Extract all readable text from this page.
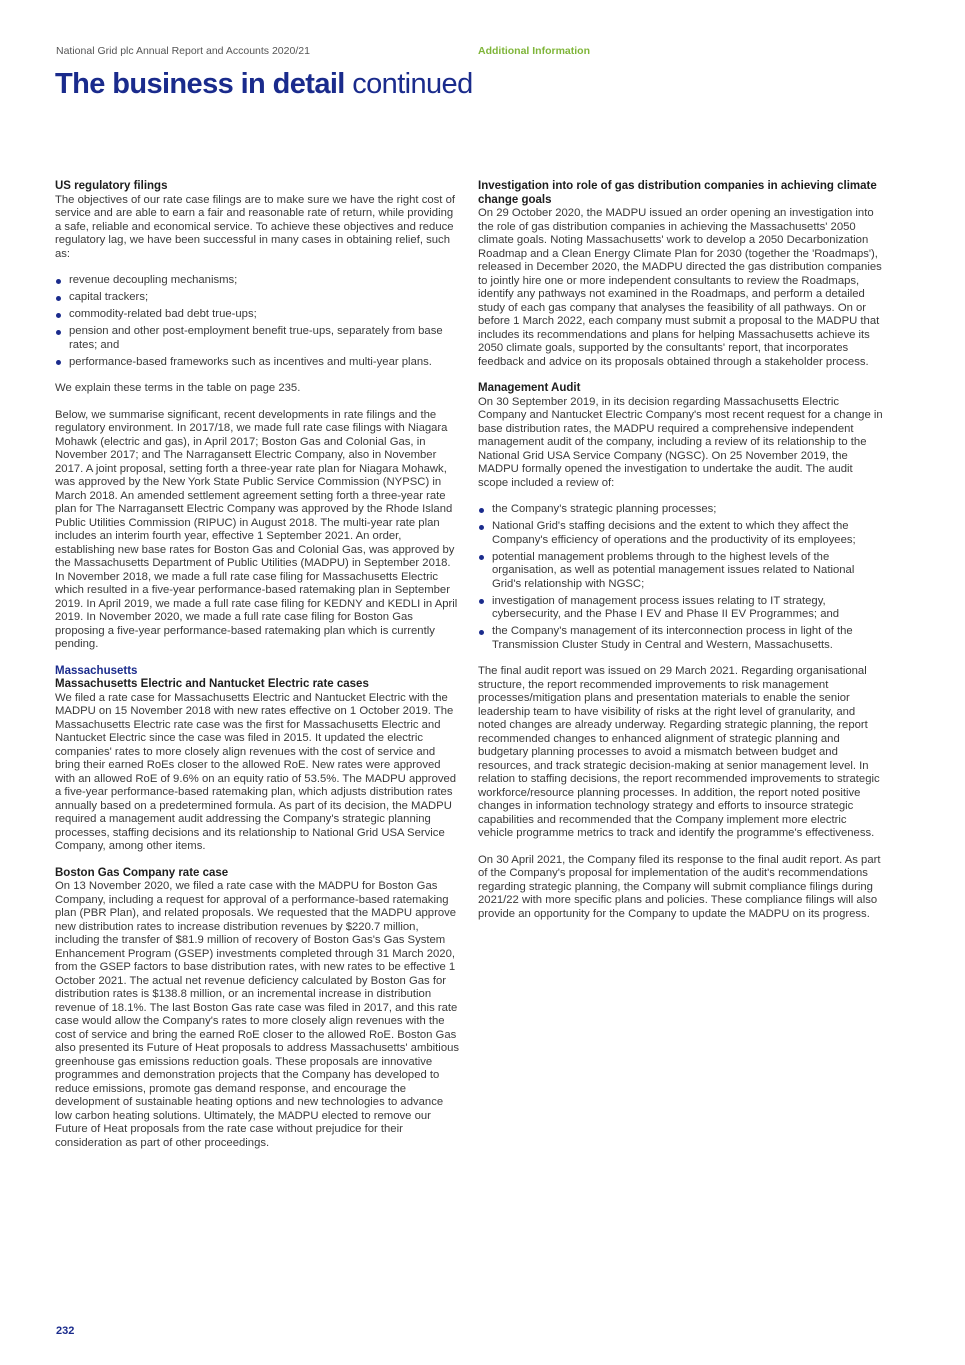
National Grid plc Annual Report and Accounts 2020/21	Additional Information
The business in detail continued
US regulatory filings

The objectives of our rate case filings are to make sure we have the right cost of service and are able to earn a fair and reasonable rate of return, while providing a safe, reliable and economical service. To achieve these objectives and reduce regulatory lag, we have been successful in many cases in obtaining relief, such as:

revenue decoupling mechanisms;
capital trackers;
commodity-related bad debt true-ups;
pension and other post-employment benefit true-ups, separately from base rates; and
performance-based frameworks such as incentives and multi-year plans.

We explain these terms in the table on page 235.

Below, we summarise significant, recent developments in rate filings and the regulatory environment. In 2017/18, we made full rate case filings with Niagara Mohawk (electric and gas), in April 2017; Boston Gas and Colonial Gas, in November 2017; and The Narragansett Electric Company, also in November 2017. A joint proposal, setting forth a three-year rate plan for Niagara Mohawk, was approved by the New York State Public Service Commission (NYPSC) in March 2018. An amended settlement agreement setting forth a three-year rate plan for The Narragansett Electric Company was approved by the Rhode Island Public Utilities Commission (RIPUC) in August 2018. The multi-year rate plan includes an interim fourth year, effective 1 September 2021. An order, establishing new base rates for Boston Gas and Colonial Gas, was approved by the Massachusetts Department of Public Utilities (MADPU) in September 2018. In November 2018, we made a full rate case filing for Massachusetts Electric which resulted in a five-year performance-based ratemaking plan in September 2019. In April 2019, we made a full rate case filing for KEDNY and KEDLI in April 2019. In November 2020, we made a full rate case filing for Boston Gas proposing a five-year performance-based ratemaking plan which is currently pending.

Massachusetts
Massachusetts Electric and Nantucket Electric rate cases

We filed a rate case for Massachusetts Electric and Nantucket Electric with the MADPU on 15 November 2018 with new rates effective on 1 October 2019. The Massachusetts Electric rate case was the first for Massachusetts Electric and Nantucket Electric since the case was filed in 2015. It updated the electric companies' rates to more closely align revenues with the cost of service and bring their earned RoEs closer to the allowed RoE. New rates were approved with an allowed RoE of 9.6% on an equity ratio of 53.5%. The MADPU approved a five-year performance-based ratemaking plan, which adjusts distribution rates annually based on a predetermined formula. As part of its decision, the MADPU required a management audit addressing the Company's strategic planning processes, staffing decisions and its relationship to National Grid USA Service Company, among other items.

Boston Gas Company rate case

On 13 November 2020, we filed a rate case with the MADPU for Boston Gas Company, including a request for approval of a performance-based ratemaking plan (PBR Plan), and related proposals. We requested that the MADPU approve new distribution rates to increase distribution revenues by $220.7 million, including the transfer of $81.9 million of recovery of Boston Gas's Gas System Enhancement Program (GSEP) investments completed through 31 March 2020, from the GSEP factors to base distribution rates, with new rates to be effective 1 October 2021. The actual net revenue deficiency calculated by Boston Gas for distribution rates is $138.8 million, or an incremental increase in distribution revenue of 18.1%. The last Boston Gas rate case was filed in 2017, and this rate case would allow the Company's rates to more closely align revenues with the cost of service and bring the earned RoE closer to the allowed RoE. Boston Gas also presented its Future of Heat proposals to address Massachusetts' ambitious greenhouse gas emissions reduction goals. These proposals are innovative programmes and demonstration projects that the Company has developed to reduce emissions, promote gas demand response, and encourage the development of sustainable heating options and new technologies to advance low carbon heating solutions. Ultimately, the MADPU elected to remove our Future of Heat proposals from the rate case without prejudice for their consideration as part of other proceedings.

Investigation into role of gas distribution companies in achieving climate change goals

On 29 October 2020, the MADPU issued an order opening an investigation into the role of gas distribution companies in achieving the Massachusetts' 2050 climate goals. Noting Massachusetts' work to develop a 2050 Decarbonization Roadmap and a Clean Energy Climate Plan for 2030 (together the 'Roadmaps'), released in December 2020, the MADPU directed the gas distribution companies to jointly hire one or more independent consultants to review the Roadmaps, identify any pathways not examined in the Roadmaps, and perform a detailed study of each gas company that analyses the feasibility of all pathways. On or before 1 March 2022, each company must submit a proposal to the MADPU that includes its recommendations and plans for helping Massachusetts achieve its 2050 climate goals, supported by the consultants' report, that incorporates feedback and advice on its proposals obtained through a stakeholder process.

Management Audit

On 30 September 2019, in its decision regarding Massachusetts Electric Company and Nantucket Electric Company's most recent request for a change in base distribution rates, the MADPU required a comprehensive independent management audit of the company, including a review of its relationship to the National Grid USA Service Company (NGSC). On 25 November 2019, the MADPU formally opened the investigation to undertake the audit. The audit scope included a review of:

the Company's strategic planning processes;
National Grid's staffing decisions and the extent to which they affect the Company's efficiency of operations and the productivity of its employees;
potential management problems through to the highest levels of the organisation, as well as potential management issues related to National Grid's relationship with NGSC;
investigation of management process issues relating to IT strategy, cybersecurity, and the Phase I EV and Phase II EV Programmes; and
the Company's management of its interconnection process in light of the Transmission Cluster Study in Central and Western, Massachusetts.

The final audit report was issued on 29 March 2021. Regarding organisational structure, the report recommended improvements to risk management processes/mitigation plans and presentation materials to enable the senior leadership team to have visibility of risks at the right level of granularity, and noted changes are already underway. Regarding strategic planning, the report recommended changes to enhanced alignment of strategic planning and budgetary planning processes to avoid a mismatch between budget and resources, and track strategic decision-making at senior management level. In relation to staffing decisions, the report recommended improvements to strategic workforce/resource planning processes. In addition, the report noted positive changes in information technology strategy and efforts to insource strategic capabilities and recommended that the Company implement more electric vehicle programme metrics to track and identify the programme's effectiveness.

On 30 April 2021, the Company filed its response to the final audit report. As part of the Company's proposal for implementation of the audit's recommendations regarding strategic planning, the Company will submit compliance filings during 2021/22 with more specific plans and policies. These compliance filings will also provide an opportunity for the Company to update the MADPU on its progress.

232
